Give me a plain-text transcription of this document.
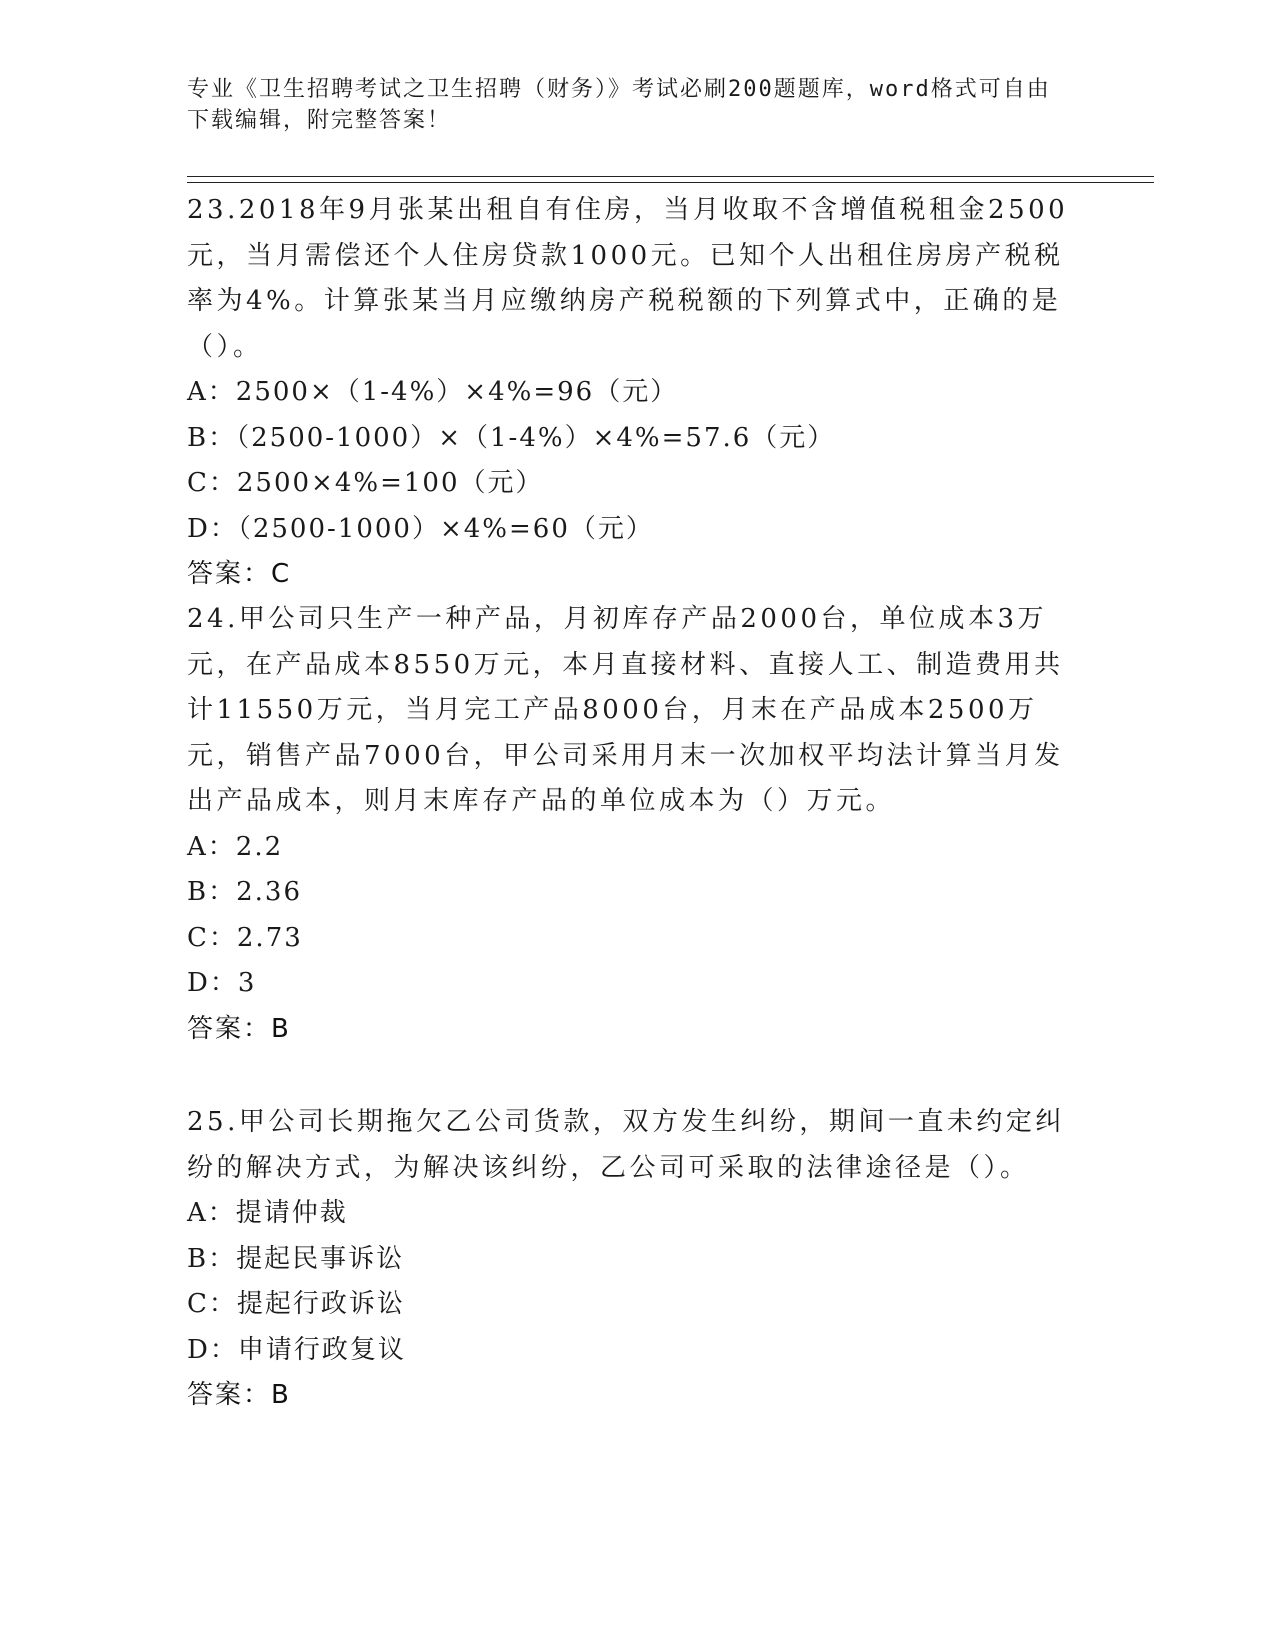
专业《卫生招聘考试之卫生招聘（财务）》考试必刷200题题库，word格式可自由下载编辑，附完整答案！

23.2018年9月张某出租自有住房，当月收取不含增值税租金2500元，当月需偿还个人住房贷款1000元。已知个人出租住房房产税税率为4%。计算张某当月应缴纳房产税税额的下列算式中，正确的是（）。

A：2500×（1-4%）×4%=96（元）
B：（2500-1000）×（1-4%）×4%=57.6（元）
C：2500×4%=100（元）
D：（2500-1000）×4%=60（元）
答案：C

24.甲公司只生产一种产品，月初库存产品2000台，单位成本3万元，在产品成本8550万元，本月直接材料、直接人工、制造费用共计11550万元，当月完工产品8000台，月末在产品成本2500万元，销售产品7000台，甲公司采用月末一次加权平均法计算当月发出产品成本，则月末库存产品的单位成本为（）万元。

A：2.2
B：2.36
C：2.73
D：3
答案：B

25.甲公司长期拖欠乙公司货款，双方发生纠纷，期间一直未约定纠纷的解决方式，为解决该纠纷，乙公司可采取的法律途径是（）。

A：提请仲裁
B：提起民事诉讼
C：提起行政诉讼
D：申请行政复议
答案：B
